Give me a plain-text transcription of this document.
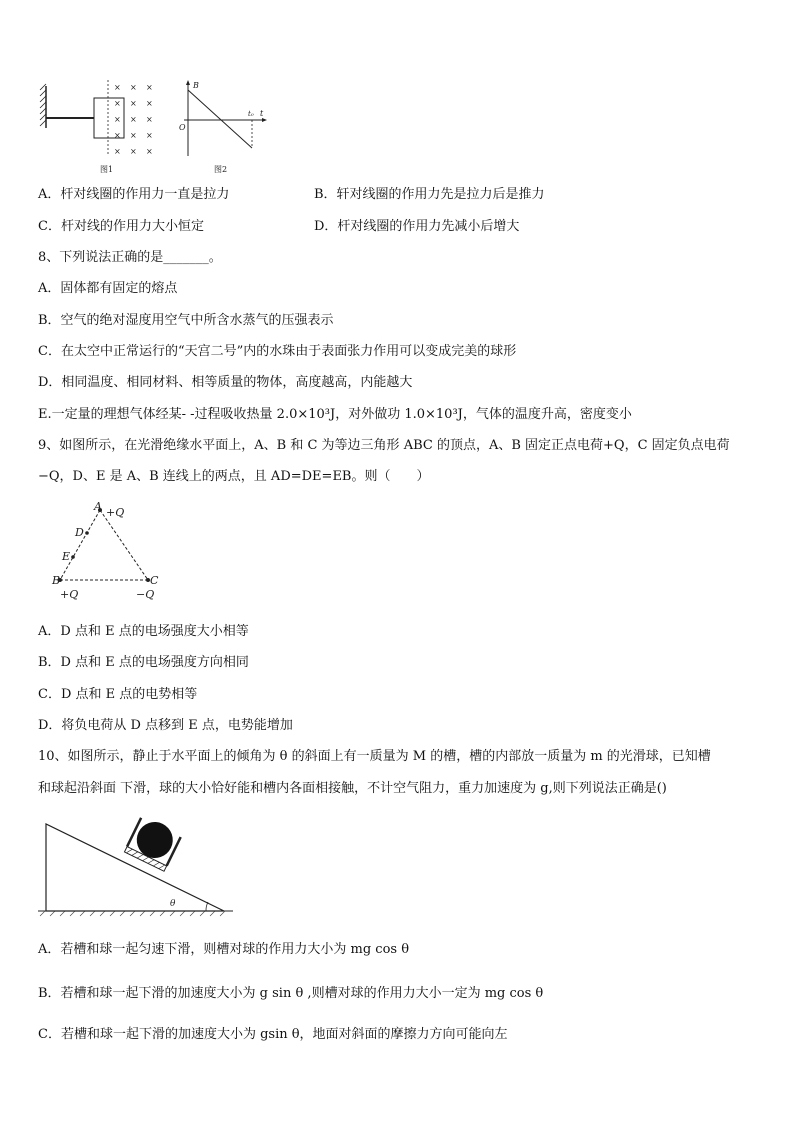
× × ×
× × ×
× × ×
× × ×
× × ×
图1
B
O
t
t₀
图2
A．杆对线圈的作用力一直是拉力	B．轩对线圈的作用力先是拉力后是推力
C．杆对线的作用力大小恒定	D．杆对线圈的作用力先减小后增大
8、下列说法正确的是_______。
A．固体都有固定的熔点
B．空气的绝对湿度用空气中所含水蒸气的压强表示
C．在太空中正常运行的“天宫二号”内的水珠由于表面张力作用可以变成完美的球形
D．相同温度、相同材料、相等质量的物体，高度越高，内能越大
E.一定量的理想气体经某- -过程吸收热量 2.0×10³J，对外做功 1.0×10³J，气体的温度升高，密度变小
9、如图所示，在光滑绝缘水平面上，A、B 和 C 为等边三角形 ABC 的顶点，A、B 固定正点电荷+Q，C 固定负点电荷
−Q，D、E 是 A、B 连线上的两点，且 AD=DE=EB。则（　　）
A +Q
D
E
B	C
+Q	−Q
A．D 点和 E 点的电场强度大小相等
B．D 点和 E 点的电场强度方向相同
C．D 点和 E 点的电势相等
D．将负电荷从 D 点移到 E 点，电势能增加
10、如图所示，静止于水平面上的倾角为 θ 的斜面上有一质量为 M 的槽，槽的内部放一质量为 m 的光滑球，已知槽
和球起沿斜面 下滑，球的大小恰好能和槽内各面相接触，不计空气阻力，重力加速度为 g,则下列说法正确是()
θ
A．若槽和球一起匀速下滑，则槽对球的作用力大小为 mg cos θ
B．若槽和球一起下滑的加速度大小为 g sin θ ,则槽对球的作用力大小一定为 mg cos θ
C．若槽和球一起下滑的加速度大小为 gsin θ，地面对斜面的摩擦力方向可能向左
